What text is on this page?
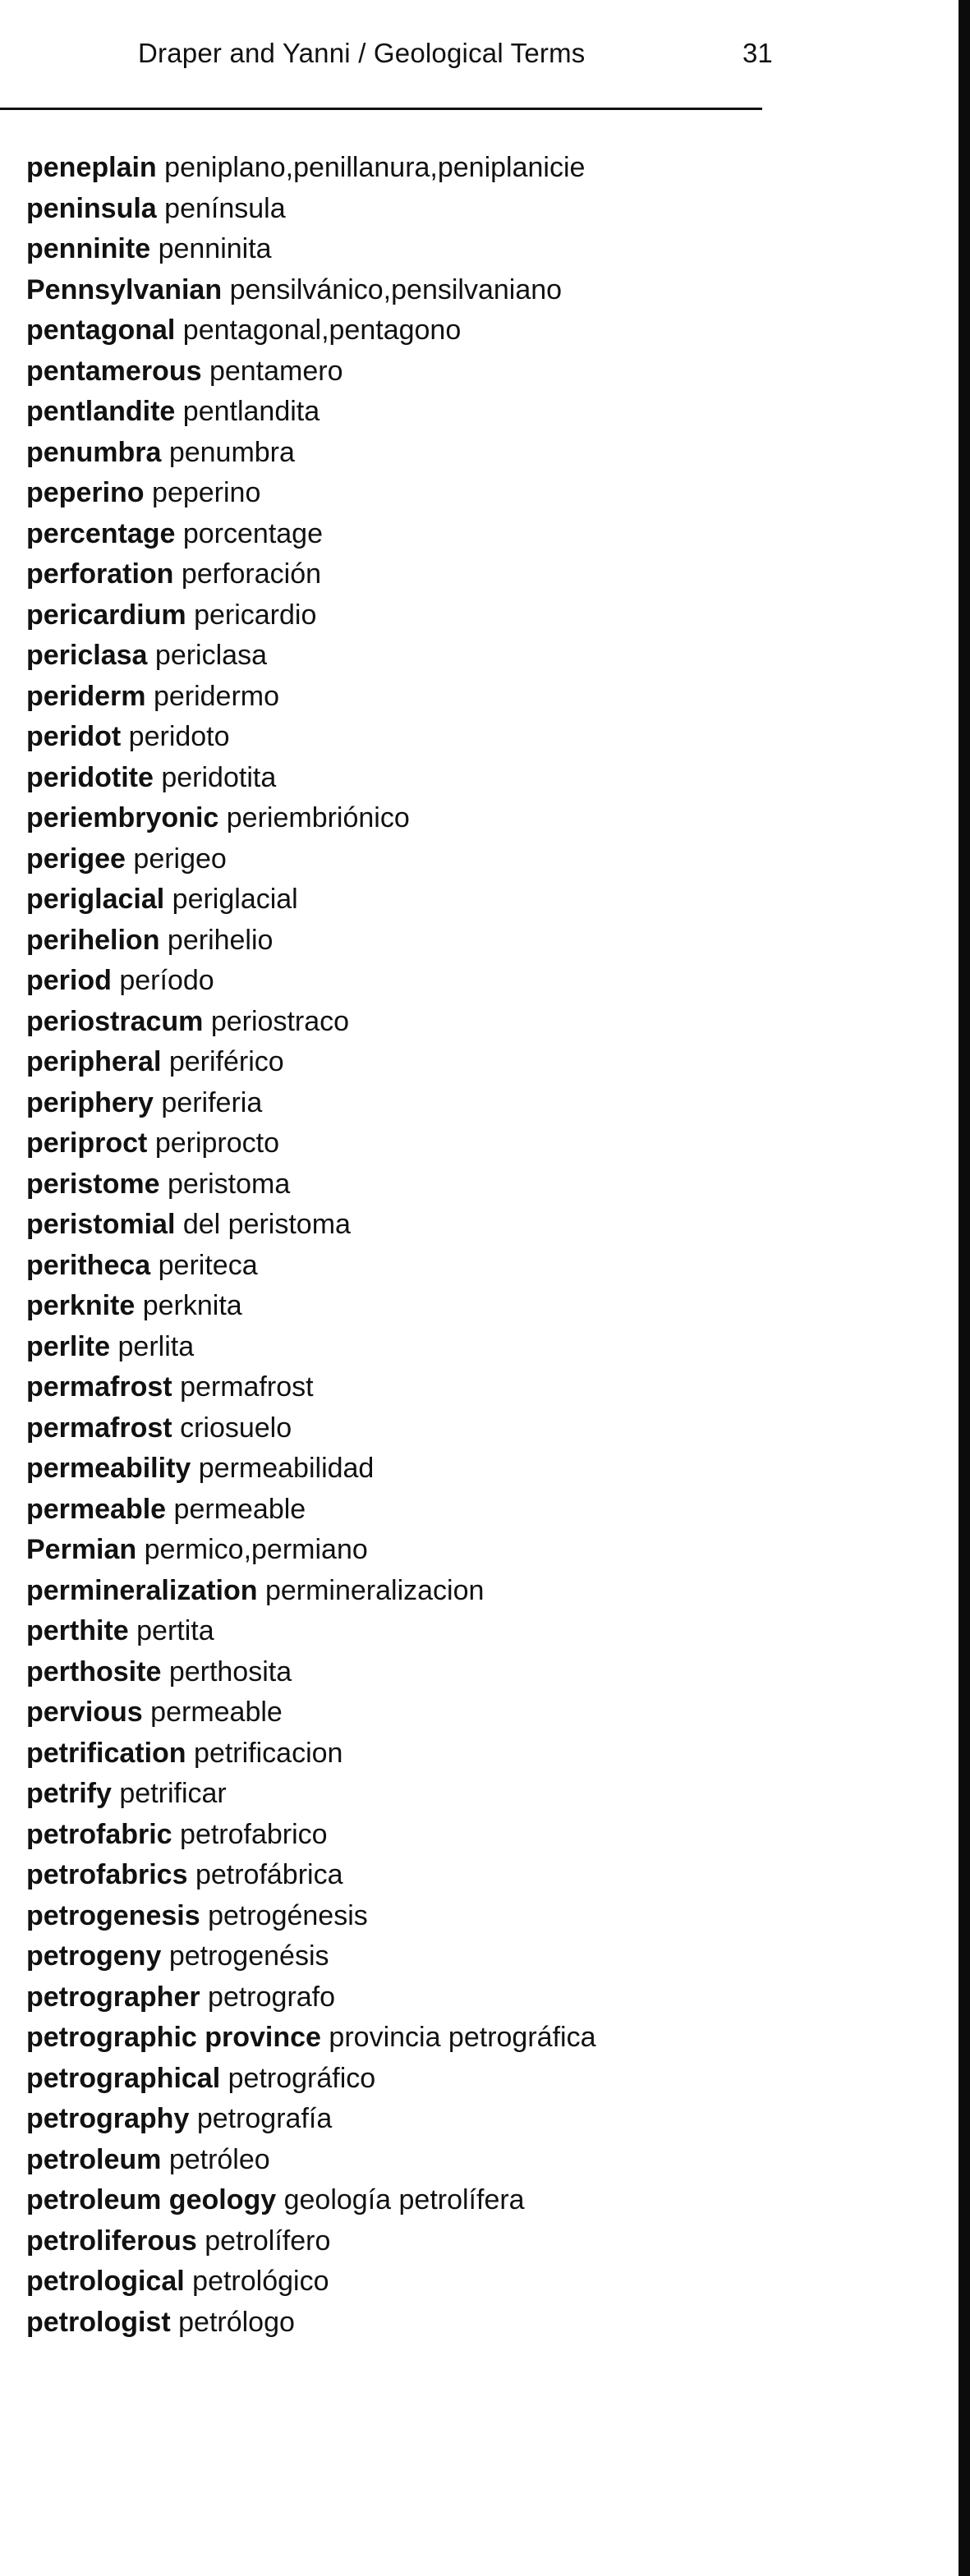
Draper and Yanni / Geological Terms	31
peneplain peniplano,penillanura,peniplanicie
peninsula península
penninite penninita
Pennsylvanian pensilvánico,pensilvaniano
pentagonal pentagonal,pentagono
pentamerous pentamero
pentlandite pentlandita
penumbra penumbra
peperino peperino
percentage porcentage
perforation perforación
pericardium pericardio
periclasa periclasa
periderm peridermo
peridot peridoto
peridotite peridotita
periembryonic periembriónico
perigee perigeo
periglacial periglacial
perihelion perihelio
period período
periostracum periostraco
peripheral periférico
periphery periferia
periproct periprocto
peristome peristoma
peristomial del peristoma
peritheca periteca
perknite perknita
perlite perlita
permafrost permafrost
permafrost criosuelo
permeability permeabilidad
permeable permeable
Permian permico,permiano
permineralization permineralizacion
perthite pertita
perthosite perthosita
pervious permeable
petrification petrificacion
petrify petrificar
petrofabric petrofabrico
petrofabrics petrofábrica
petrogenesis petrogénesis
petrogeny petrogenésis
petrographer petrografo
petrographic province provincia petrográfica
petrographical petrográfico
petrography petrografía
petroleum petróleo
petroleum geology geología petrolífera
petroliferous petrolífero
petrological petrológico
petrologist petrólogo
